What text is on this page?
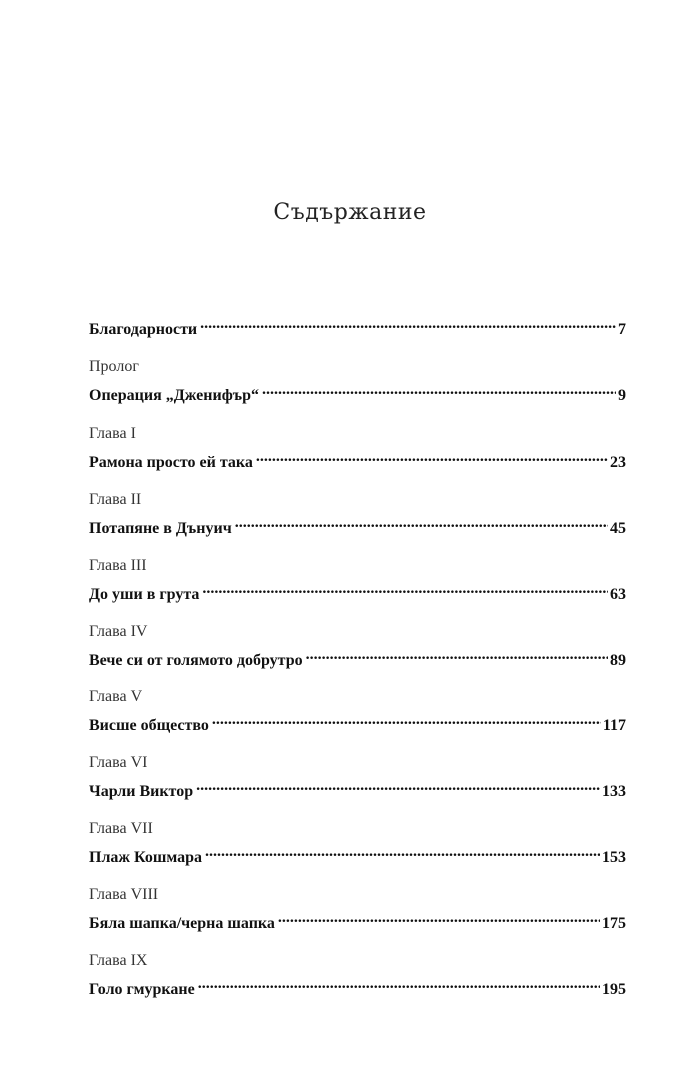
Съдържание
Благодарности .....	7
Пролог
Операция „Дженифър“ .....	9
Глава I
Рамона просто ей така .....	23
Глава II
Потапяне в Дънуич .....	45
Глава III
До уши в грута .....	63
Глава IV
Вече си от голямото добрутро .....	89
Глава V
Висше общество .....	117
Глава VI
Чарли Виктор .....	133
Глава VII
Плаж Кошмара .....	153
Глава VIII
Бяла шапка/черна шапка .....	175
Глава IX
Голо гмуркане .....	195
